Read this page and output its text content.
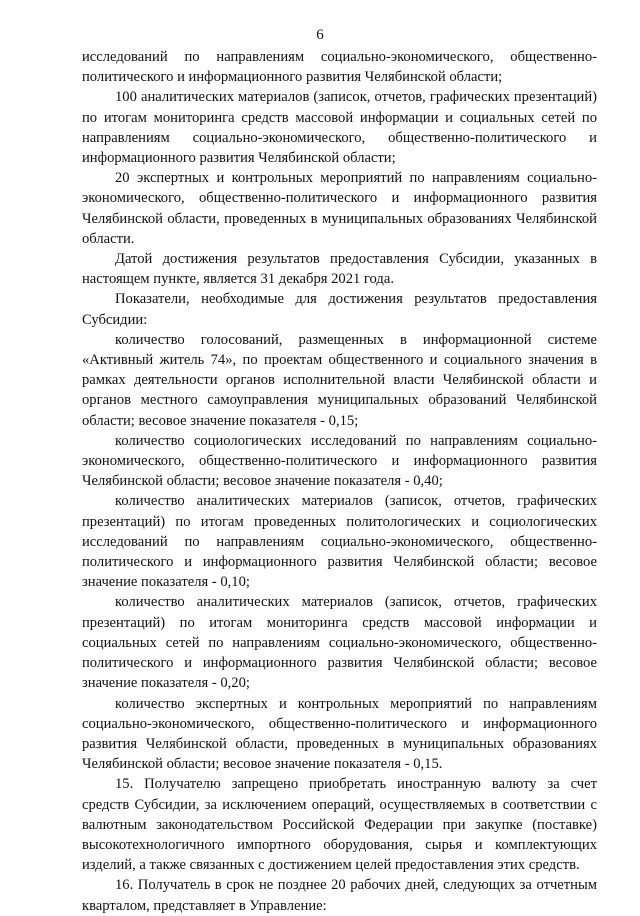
6

исследований по направлениям социально-экономического, общественно-политического и информационного развития Челябинской области;

100 аналитических материалов (записок, отчетов, графических презентаций) по итогам мониторинга средств массовой информации и социальных сетей по направлениям социально-экономического, общественно-политического и информационного развития Челябинской области;

20 экспертных и контрольных мероприятий по направлениям социально-экономического, общественно-политического и информационного развития Челябинской области, проведенных в муниципальных образованиях Челябинской области.

Датой достижения результатов предоставления Субсидии, указанных в настоящем пункте, является 31 декабря 2021 года.

Показатели, необходимые для достижения результатов предоставления Субсидии:

количество голосований, размещенных в информационной системе «Активный житель 74», по проектам общественного и социального значения в рамках деятельности органов исполнительной власти Челябинской области и органов местного самоуправления муниципальных образований Челябинской области; весовое значение показателя - 0,15;

количество социологических исследований по направлениям социально-экономического, общественно-политического и информационного развития Челябинской области; весовое значение показателя - 0,40;

количество аналитических материалов (записок, отчетов, графических презентаций) по итогам проведенных политологических и социологических исследований по направлениям социально-экономического, общественно-политического и информационного развития Челябинской области; весовое значение показателя - 0,10;

количество аналитических материалов (записок, отчетов, графических презентаций) по итогам мониторинга средств массовой информации и социальных сетей по направлениям социально-экономического, общественно-политического и информационного развития Челябинской области; весовое значение показателя - 0,20;

количество экспертных и контрольных мероприятий по направлениям социально-экономического, общественно-политического и информационного развития Челябинской области, проведенных в муниципальных образованиях Челябинской области; весовое значение показателя - 0,15.

15. Получателю запрещено приобретать иностранную валюту за счет средств Субсидии, за исключением операций, осуществляемых в соответствии с валютным законодательством Российской Федерации при закупке (поставке) высокотехнологичного импортного оборудования, сырья и комплектующих изделий, а также связанных с достижением целей предоставления этих средств.

16. Получатель в срок не позднее 20 рабочих дней, следующих за отчетным кварталом, представляет в Управление:
